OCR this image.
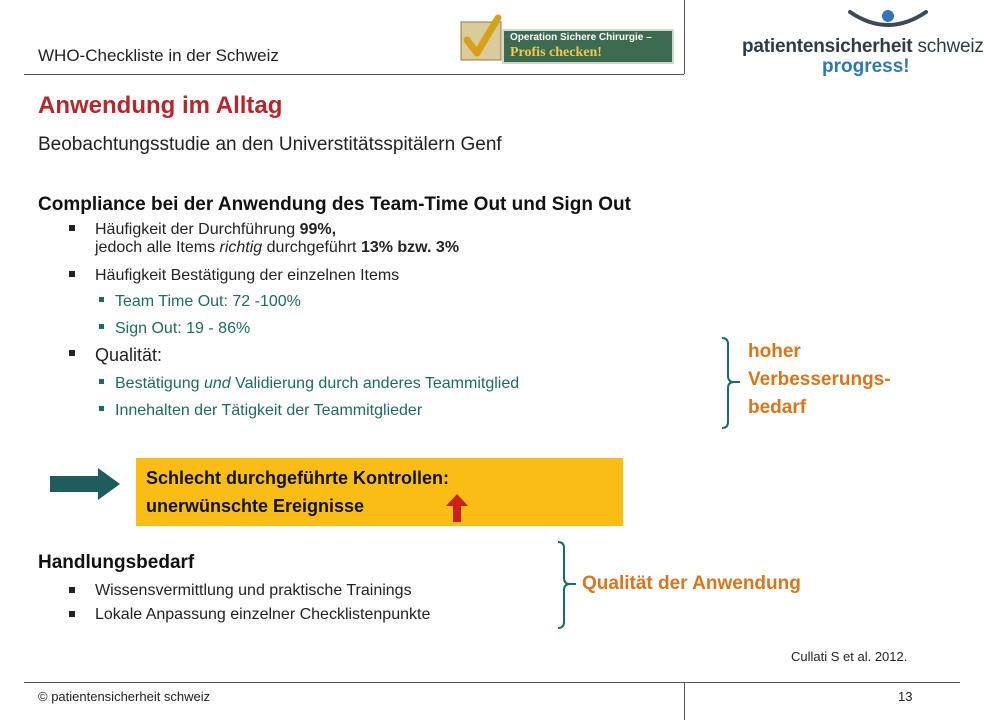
WHO-Checkliste in der Schweiz
Operation Sichere Chirurgie –
Profis checken!	patientensicherheit schweiz
progress!
Anwendung im Alltag
Beobachtungsstudie an den Universtitätsspitälern Genf
Compliance bei der Anwendung des Team-Time Out und Sign Out
Häufigkeit der Durchführung 99%,
jedoch alle Items richtig durchgeführt 13% bzw. 3%
Häufigkeit Bestätigung der einzelnen Items
Team Time Out: 72 -100%
Sign Out: 19 - 86%
Qualität:
Bestätigung und Validierung durch anderes Teammitglied
Innehalten der Tätigkeit der Teammitglieder
hoher
Verbesserungs-
bedarf
Schlecht durchgeführte Kontrollen:
unerwünschte Ereignisse
Handlungsbedarf
Wissensvermittlung und praktische Trainings
Lokale Anpassung einzelner Checklistenpunkte
Qualität der Anwendung
Cullati S et al. 2012.
© patientensicherheit schweiz	13
